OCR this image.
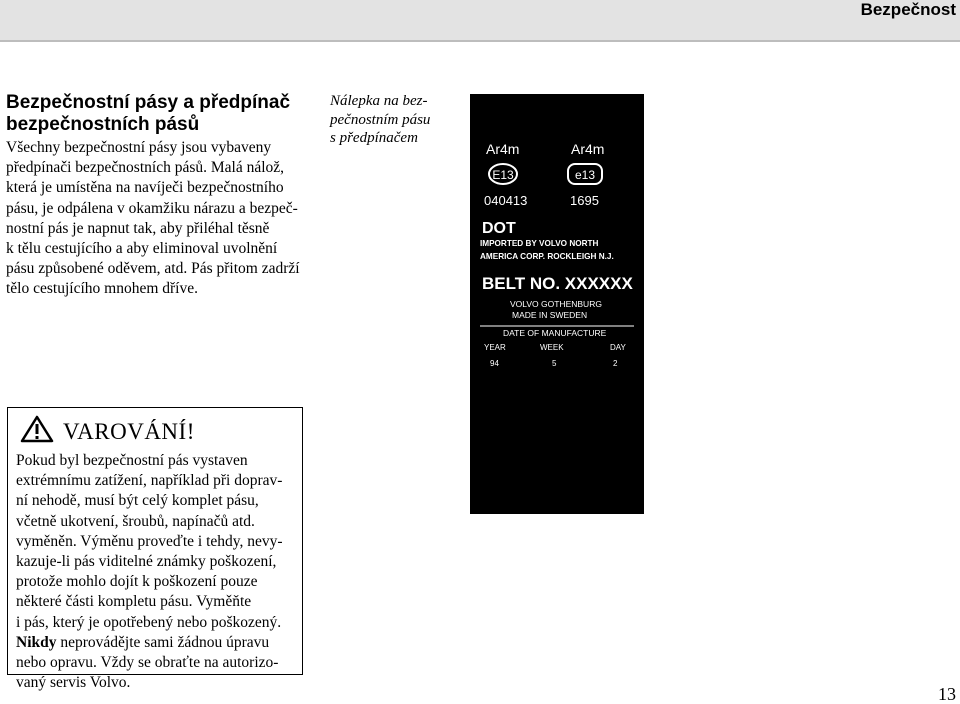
Bezpečnost
Bezpečnostní pásy a předpínač
bezpečnostních pásů
Všechny bezpečnostní pásy jsou vybaveny
předpínači bezpečnostních pásů. Malá nálož,
která je umístěna na navíječi bezpečnostního
pásu, je odpálena v okamžiku nárazu a bezpeč-
nostní pás je napnut tak, aby přiléhal těsně
k tělu cestujícího a aby eliminoval uvolnění
pásu způsobené oděvem, atd. Pás přitom zadrží
tělo cestujícího mnohem dříve.
Nálepka na bez-
pečnostním pásu
s předpínačem
Ar4m	Ar4m
E13	e13
040413	1695
DOT
IMPORTED BY VOLVO NORTH
AMERICA CORP. ROCKLEIGH N.J.
BELT NO. XXXXXX
VOLVO GOTHENBURG
MADE IN SWEDEN
DATE OF MANUFACTURE
YEAR	WEEK	DAY
94	5	2
VAROVÁNÍ!
Pokud byl bezpečnostní pás vystaven
extrémnímu zatížení, například při doprav-
ní nehodě, musí být celý komplet pásu,
včetně ukotvení, šroubů, napínačů atd.
vyměněn. Výměnu proveďte i tehdy, nevy-
kazuje-li pás viditelné známky poškození,
protože mohlo dojít k poškození pouze
některé části kompletu pásu. Vyměňte
i pás, který je opotřebený nebo poškozený.
Nikdy neprovádějte sami žádnou úpravu
nebo opravu. Vždy se obraťte na autorizo-
vaný servis Volvo.
13
